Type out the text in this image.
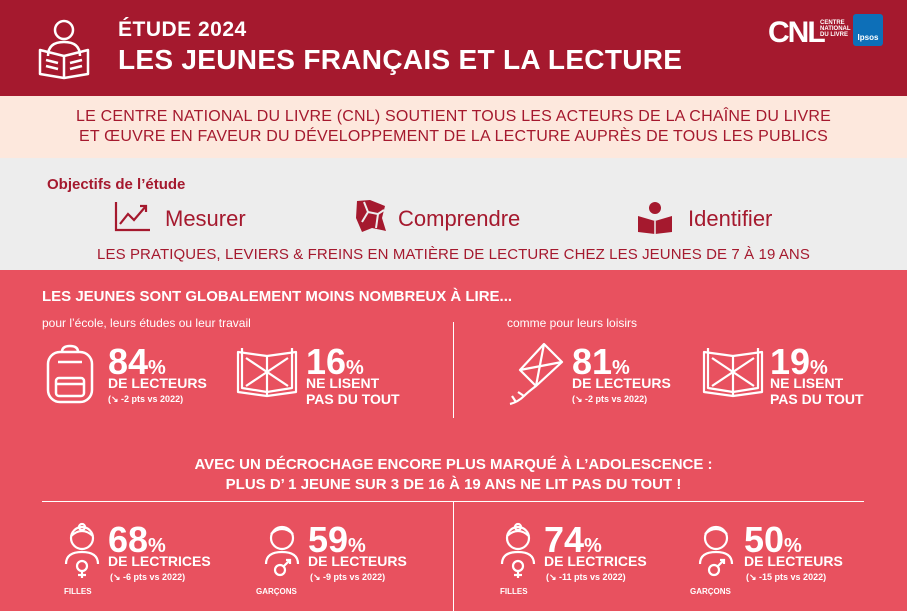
ÉTUDE 2024
LES JEUNES FRANÇAIS ET LA LECTURE
CNL
CENTRE NATIONAL DU LIVRE	Ipsos
LE CENTRE NATIONAL DU LIVRE (CNL) SOUTIENT TOUS LES ACTEURS DE LA CHAÎNE DU LIVRE
ET ŒUVRE EN FAVEUR DU DÉVELOPPEMENT DE LA LECTURE AUPRÈS DE TOUS LES PUBLICS
Objectifs de l’étude
Mesurer	Comprendre	Identifier
LES PRATIQUES, LEVIERS & FREINS EN MATIÈRE DE LECTURE CHEZ LES JEUNES DE 7 À 19 ANS
LES JEUNES SONT GLOBALEMENT MOINS NOMBREUX À LIRE...
pour l’école, leurs études ou leur travail	comme pour leurs loisirs
84%
DE LECTEURS
(↘ -2 pts vs 2022)
16%
NE LISENT
PAS DU TOUT
81%
DE LECTEURS
(↘ -2 pts vs 2022)
19%
NE LISENT
PAS DU TOUT
AVEC UN DÉCROCHAGE ENCORE PLUS MARQUÉ À L’ADOLESCENCE :
PLUS D’ 1 JEUNE SUR 3 DE 16 À 19 ANS NE LIT PAS DU TOUT !
FILLES
68%
DE LECTRICES
(↘ -6 pts vs 2022)
GARÇONS
59%
DE LECTEURS
(↘ -9 pts vs 2022)
FILLES
74%
DE LECTRICES
(↘ -11 pts vs 2022)
GARÇONS
50%
DE LECTEURS
(↘ -15 pts vs 2022)
